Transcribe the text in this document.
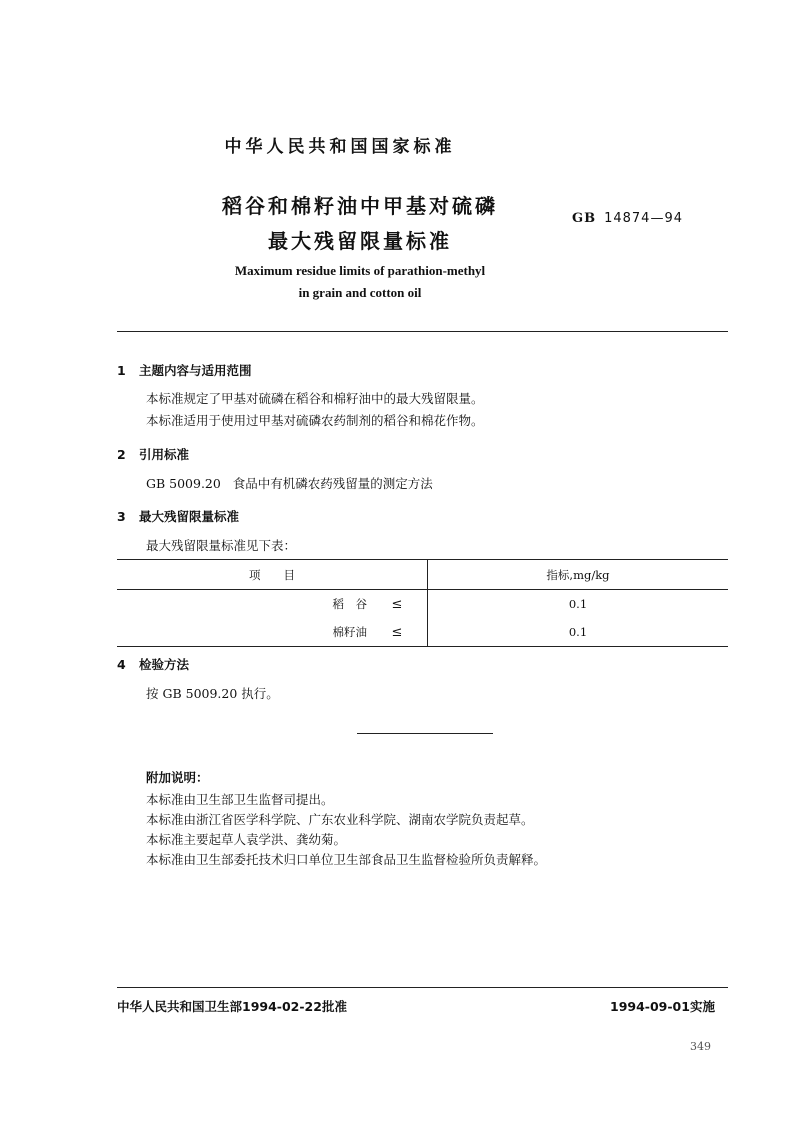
中华人民共和国国家标准
稻谷和棉籽油中甲基对硫磷
最大残留限量标准
GB 14874—94
Maximum residue limits of parathion-methyl
in grain and cotton oil
1 主题内容与适用范围
本标准规定了甲基对硫磷在稻谷和棉籽油中的最大残留限量。
本标准适用于使用过甲基对硫磷农药制剂的稻谷和棉花作物。
2 引用标准
GB 5009.20   食品中有机磷农药残留量的测定方法
3 最大残留限量标准
最大残留限量标准见下表：
项　　目		指标,mg/kg
稻　谷	≤	0.1
棉籽油	≤	0.1
4 检验方法
按 GB 5009.20 执行。
附加说明：
本标准由卫生部卫生监督司提出。
本标准由浙江省医学科学院、广东农业科学院、湖南农学院负责起草。
本标准主要起草人袁学洪、龚幼菊。
本标准由卫生部委托技术归口单位卫生部食品卫生监督检验所负责解释。
中华人民共和国卫生部1994-02-22批准	1994-09-01实施
349
